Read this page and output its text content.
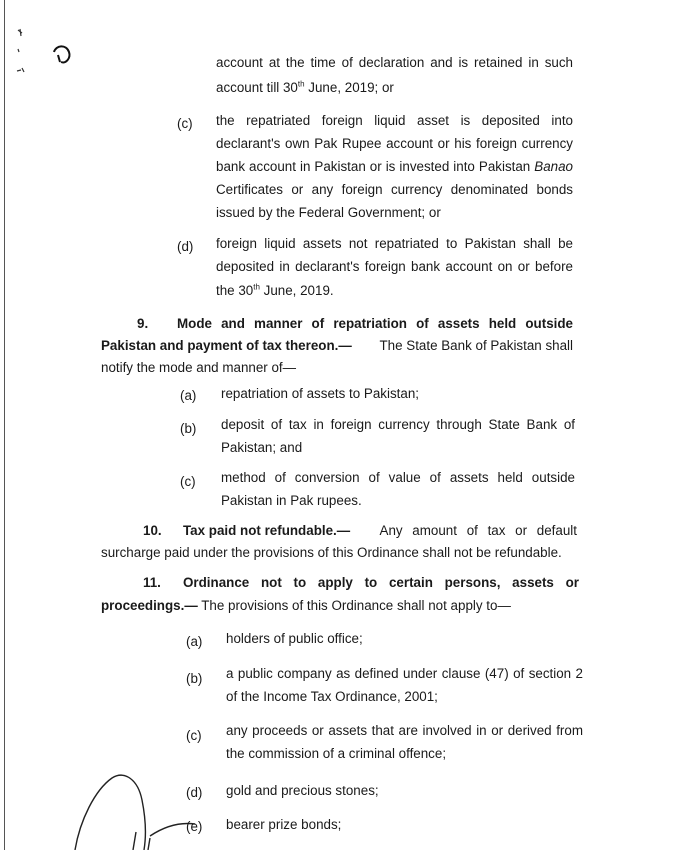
account at the time of declaration and is retained in such
account till 30th June, 2019; or
(c) the repatriated foreign liquid asset is deposited into
declarant's own Pak Rupee account or his foreign currency
bank account in Pakistan or is invested into Pakistan Banao
Certificates or any foreign currency denominated bonds
issued by the Federal Government; or
(d) foreign liquid assets not repatriated to Pakistan shall be
deposited in declarant's foreign bank account on or before
the 30th June, 2019.
9. Mode and manner of repatriation of assets held outside
Pakistan and payment of tax thereon.— The State Bank of Pakistan shall
notify the mode and manner of—
(a) repatriation of assets to Pakistan;
(b) deposit of tax in foreign currency through State Bank of
Pakistan; and
(c) method of conversion of value of assets held outside
Pakistan in Pak rupees.
10. Tax paid not refundable.— Any amount of tax or default
surcharge paid under the provisions of this Ordinance shall not be refundable.
11. Ordinance not to apply to certain persons, assets or
proceedings.— The provisions of this Ordinance shall not apply to—
(a) holders of public office;
(b) a public company as defined under clause (47) of section 2
of the Income Tax Ordinance, 2001;
(c) any proceeds or assets that are involved in or derived from
the commission of a criminal offence;
(d) gold and precious stones;
(e) bearer prize bonds;
